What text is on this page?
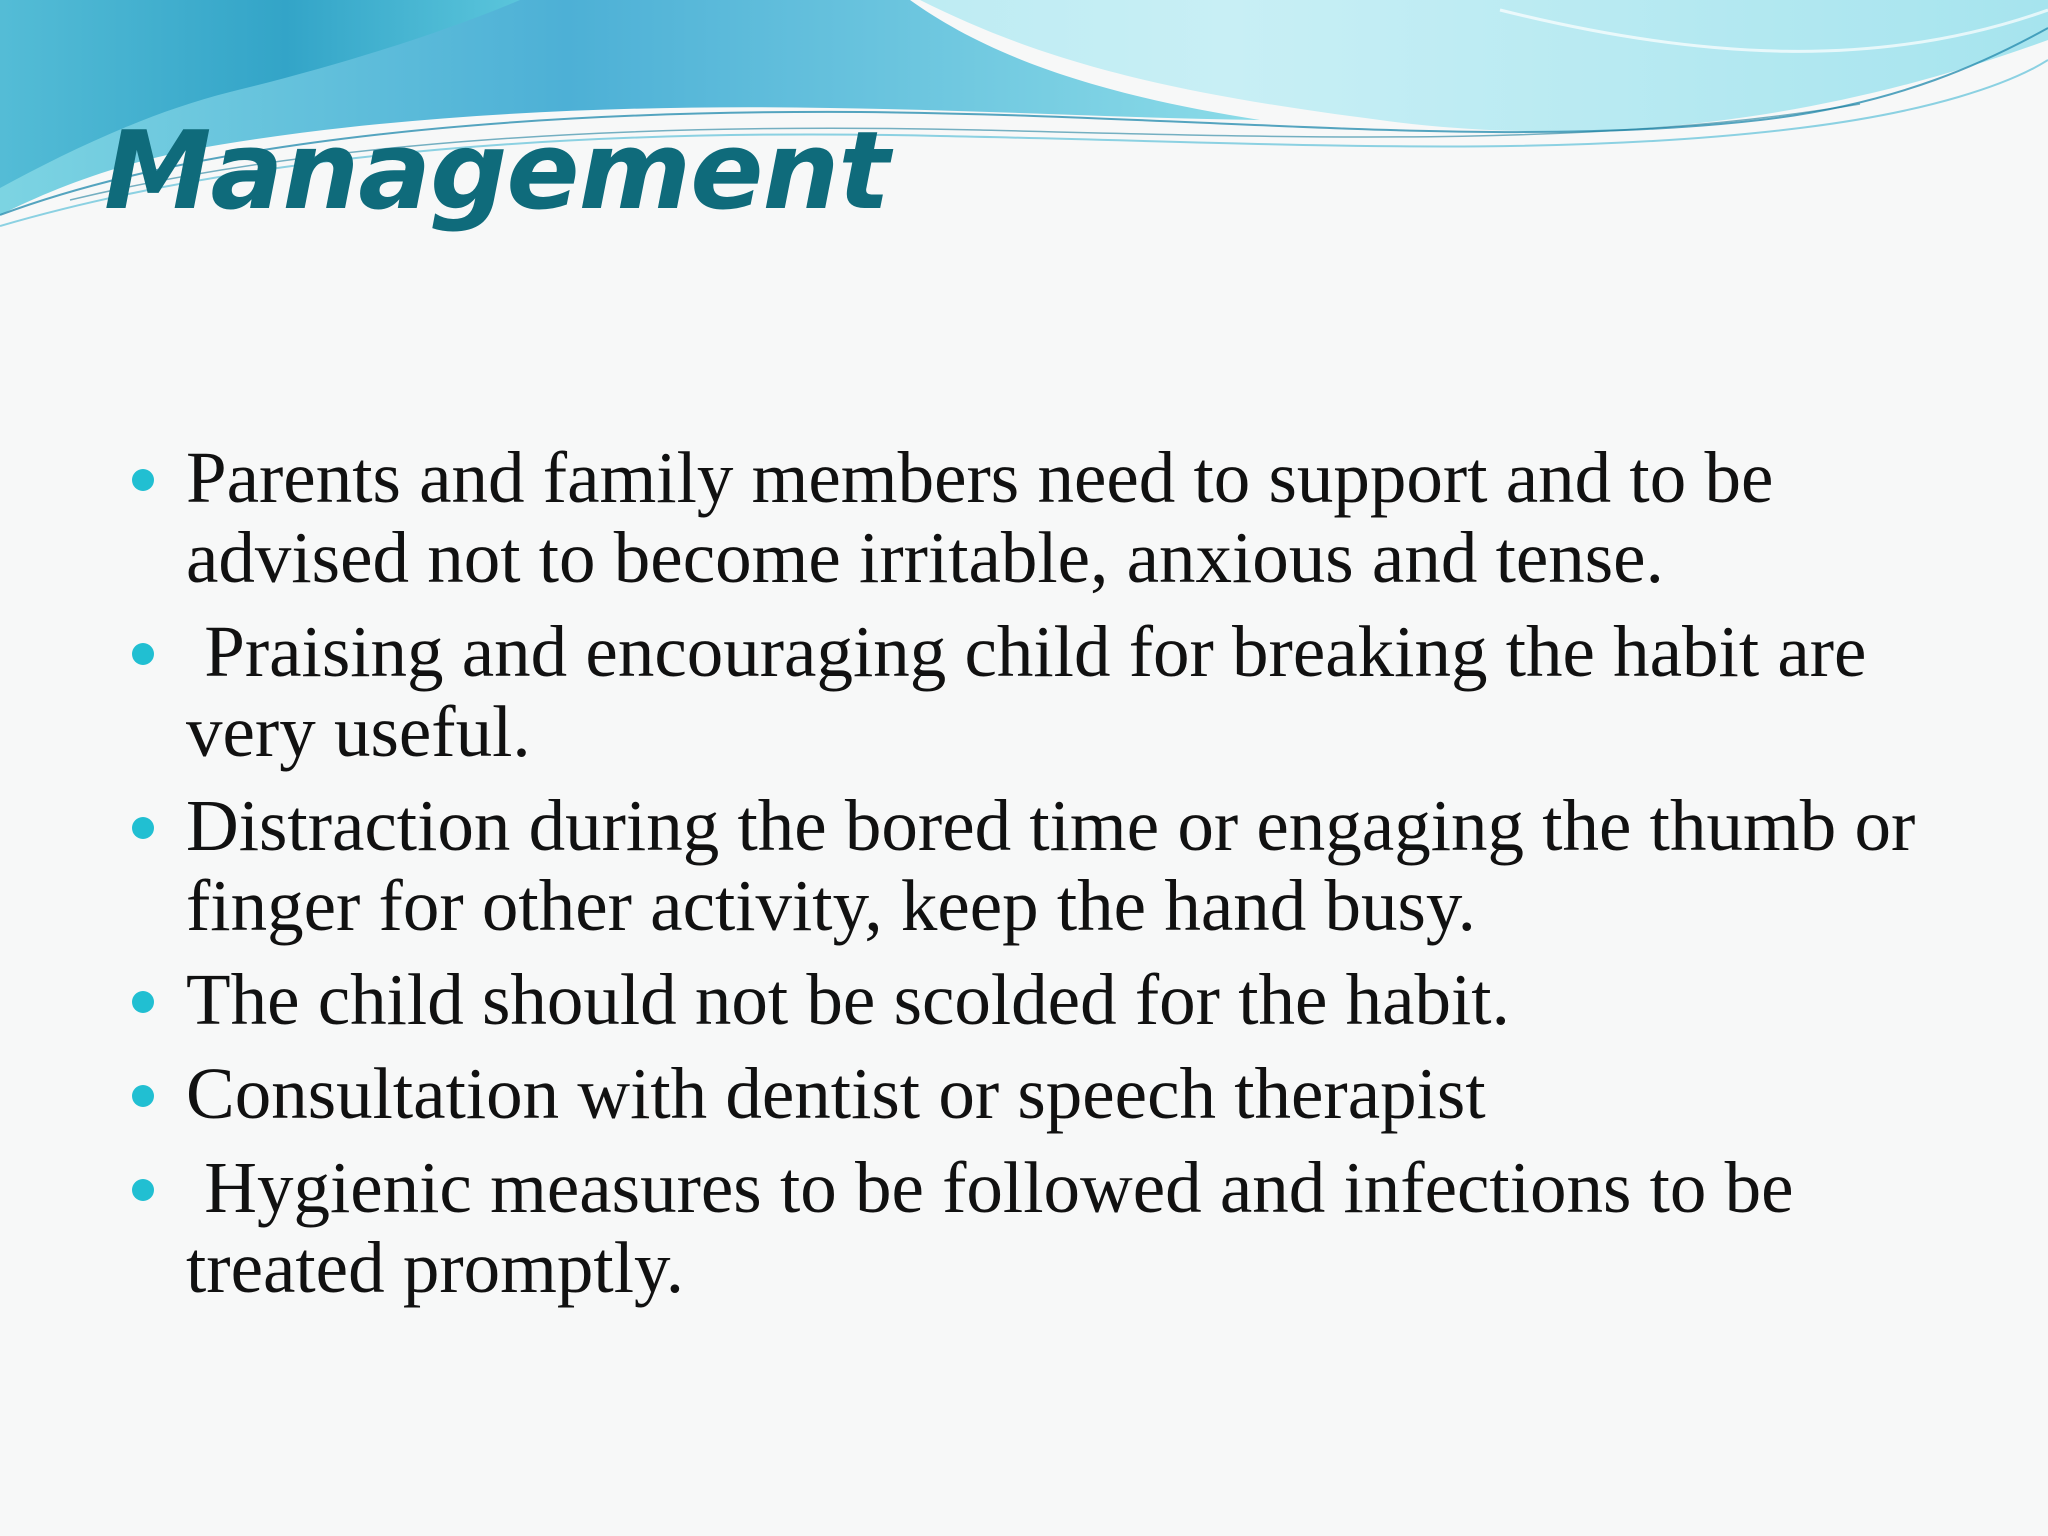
Management
Parents and family members need to support and to be advised not to become irritable, anxious and tense.
Praising and encouraging child for breaking the habit are very useful.
Distraction during the bored time or engaging the thumb or finger for other activity, keep the hand busy.
The child should not be scolded for the habit.
Consultation with dentist or speech therapist
Hygienic measures to be followed and infections to be treated promptly.
